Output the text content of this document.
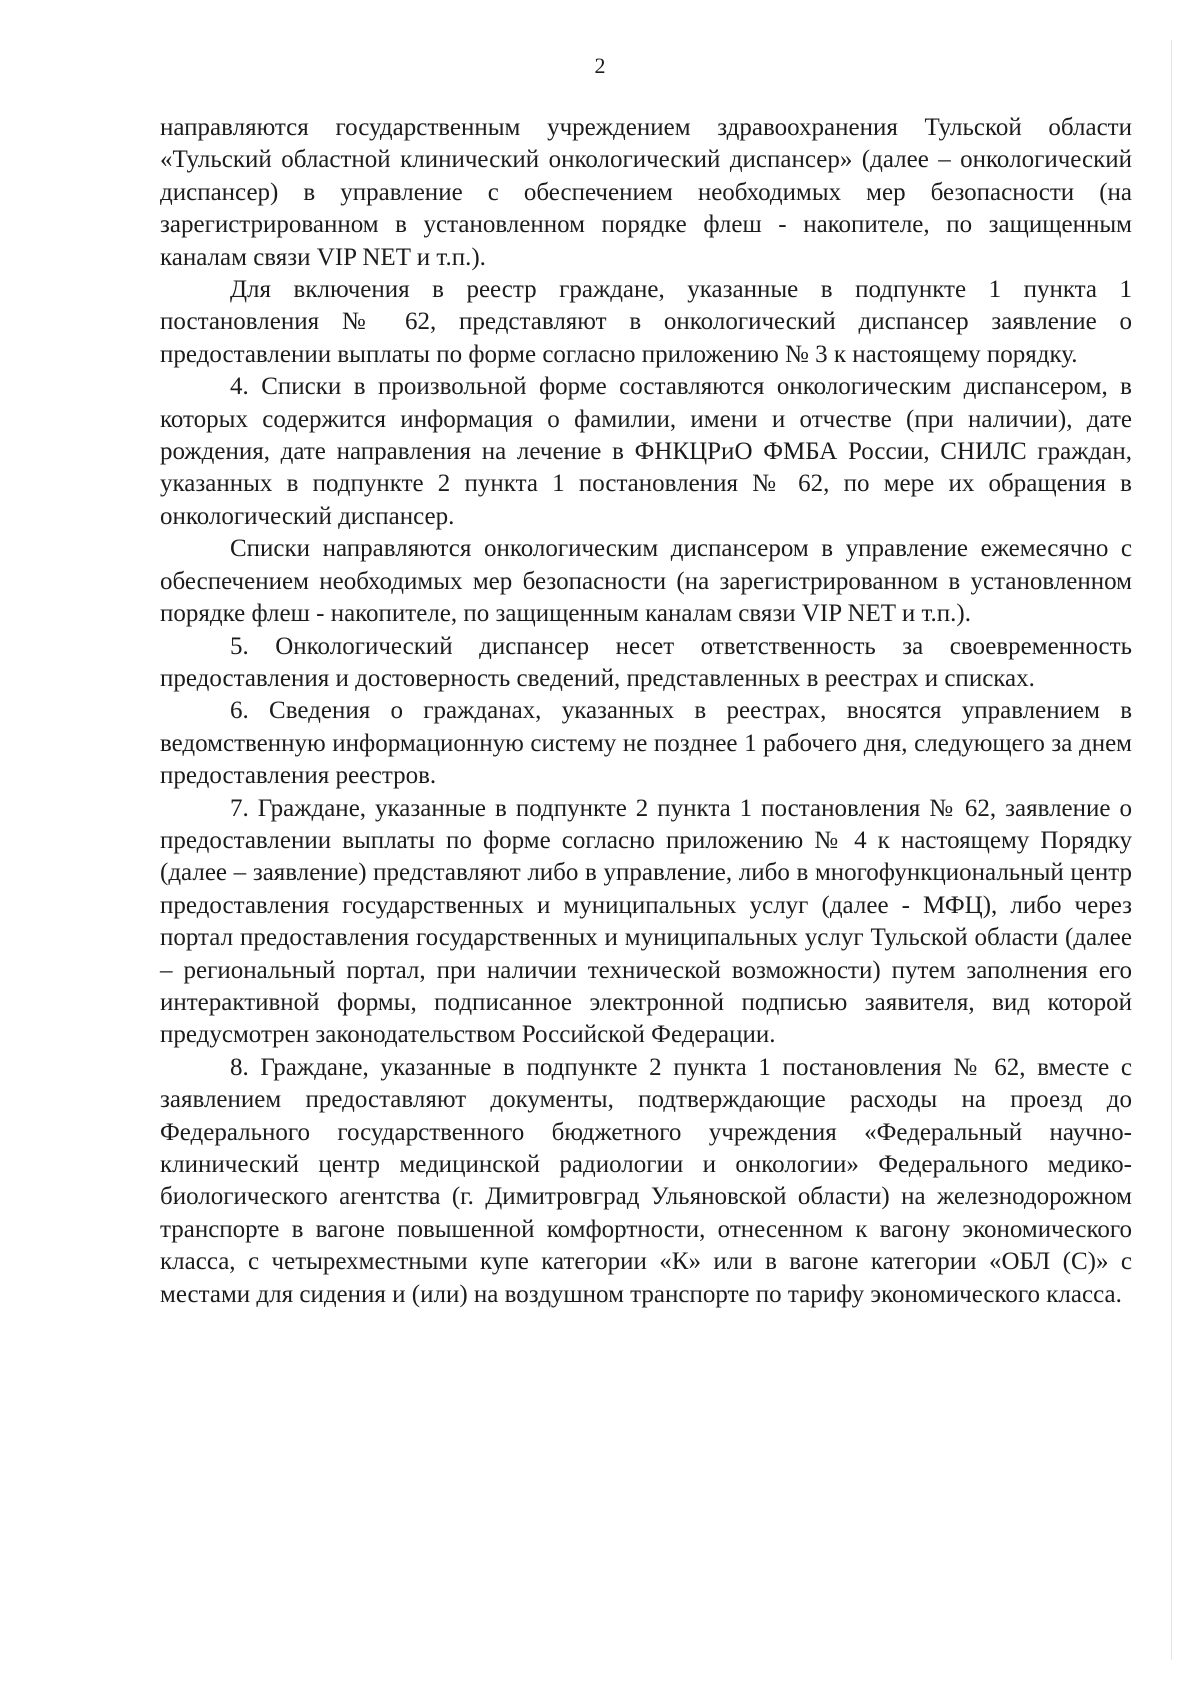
2

направляются государственным учреждением здравоохранения Тульской области «Тульский областной клинический онкологический диспансер» (далее – онкологический диспансер) в управление с обеспечением необходимых мер безопасности (на зарегистрированном в установленном порядке флеш - накопителе, по защищенным каналам связи VIP NET и т.п.).

Для включения в реестр граждане, указанные в подпункте 1 пункта 1 постановления № 62, представляют в онкологический диспансер заявление о предоставлении выплаты по форме согласно приложению № 3 к настоящему порядку.

4. Списки в произвольной форме составляются онкологическим диспансером, в которых содержится информация о фамилии, имени и отчестве (при наличии), дате рождения, дате направления на лечение в ФНКЦРиО ФМБА России, СНИЛС граждан, указанных в подпункте 2 пункта 1 постановления № 62, по мере их обращения в онкологический диспансер.

Списки направляются онкологическим диспансером в управление ежемесячно с обеспечением необходимых мер безопасности (на зарегистрированном в установленном порядке флеш - накопителе, по защищенным каналам связи VIP NET и т.п.).

5. Онкологический диспансер несет ответственность за своевременность предоставления и достоверность сведений, представленных в реестрах и списках.

6. Сведения о гражданах, указанных в реестрах, вносятся управлением в ведомственную информационную систему не позднее 1 рабочего дня, следующего за днем предоставления реестров.

7. Граждане, указанные в подпункте 2 пункта 1 постановления № 62, заявление о предоставлении выплаты по форме согласно приложению № 4 к настоящему Порядку (далее – заявление) представляют либо в управление, либо в многофункциональный центр предоставления государственных и муниципальных услуг (далее - МФЦ), либо через портал предоставления государственных и муниципальных услуг Тульской области (далее – региональный портал, при наличии технической возможности) путем заполнения его интерактивной формы, подписанное электронной подписью заявителя, вид которой предусмотрен законодательством Российской Федерации.

8. Граждане, указанные в подпункте 2 пункта 1 постановления № 62, вместе с заявлением предоставляют документы, подтверждающие расходы на проезд до Федерального государственного бюджетного учреждения «Федеральный научно-клинический центр медицинской радиологии и онкологии» Федерального медико-биологического агентства (г. Димитровград Ульяновской области) на железнодорожном транспорте в вагоне повышенной комфортности, отнесенном к вагону экономического класса, с четырехместными купе категории «К» или в вагоне категории «ОБЛ (С)» с местами для сидения и (или) на воздушном транспорте по тарифу экономического класса.
